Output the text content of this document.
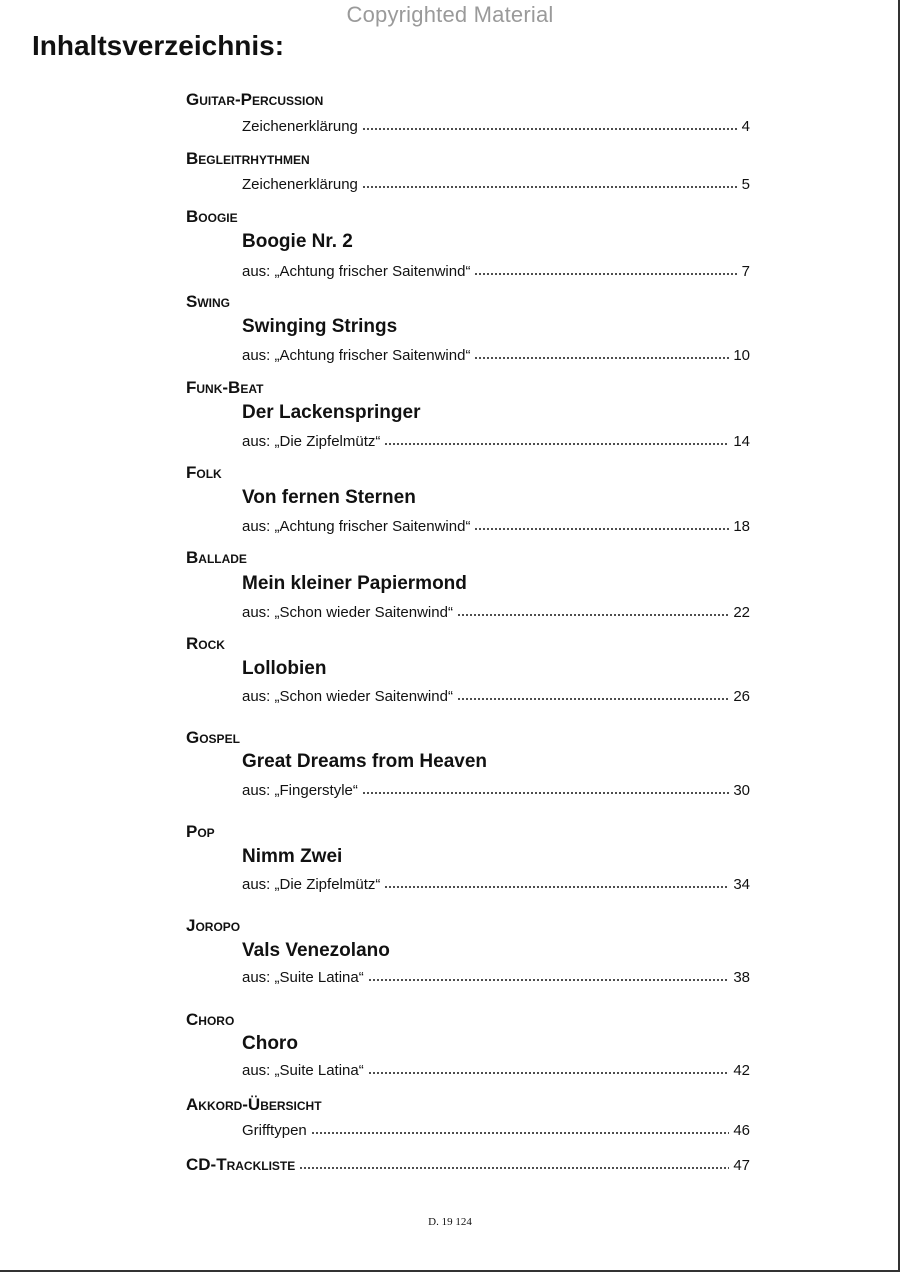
Copyrighted Material
Inhaltsverzeichnis:
Guitar-Percussion
Zeichenerklärung	4
Begleitrhythmen
Zeichenerklärung	5
Boogie
Boogie Nr. 2
aus: „Achtung frischer Saitenwind“	7
Swing
Swinging Strings
aus: „Achtung frischer Saitenwind“	10
Funk-Beat
Der Lackenspringer
aus: „Die Zipfelmütz“	14
Folk
Von fernen Sternen
aus: „Achtung frischer Saitenwind“	18
Ballade
Mein kleiner Papiermond
aus: „Schon wieder Saitenwind“	22
Rock
Lollobien
aus: „Schon wieder Saitenwind“	26
Gospel
Great Dreams from Heaven
aus: „Fingerstyle“	30
Pop
Nimm Zwei
aus: „Die Zipfelmütz“	34
Joropo
Vals Venezolano
aus: „Suite Latina“	38
Choro
Choro
aus: „Suite Latina“	42
Akkord-Übersicht
Grifftypen	46
CD-Trackliste	47
D. 19 124
